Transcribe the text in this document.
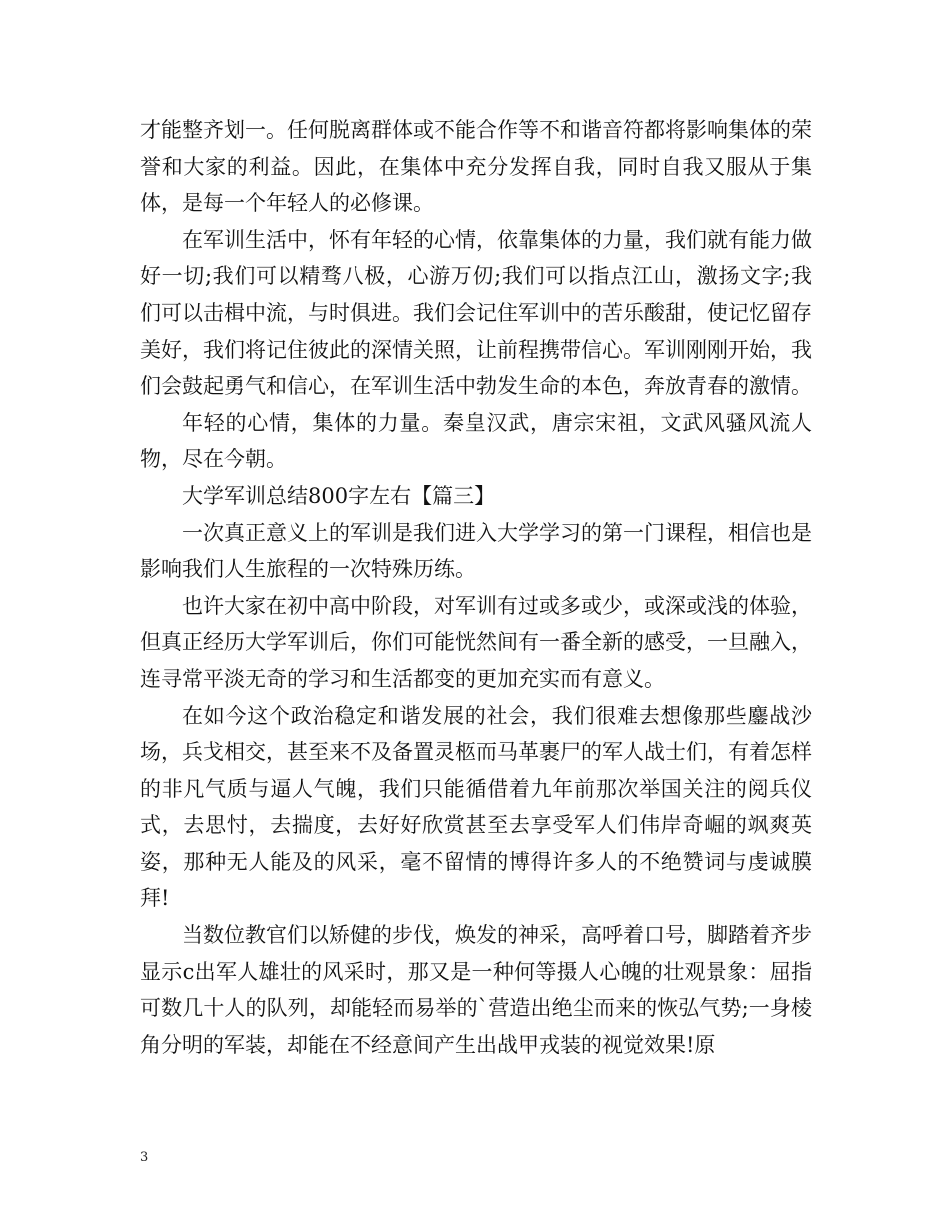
才能整齐划一。任何脱离群体或不能合作等不和谐音符都将影响集体的荣誉和大家的利益。因此，在集体中充分发挥自我，同时自我又服从于集体，是每一个年轻人的必修课。

在军训生活中，怀有年轻的心情，依靠集体的力量，我们就有能力做好一切;我们可以精骛八极，心游万仞;我们可以指点江山，激扬文字;我们可以击楫中流，与时俱进。我们会记住军训中的苦乐酸甜，使记忆留存美好，我们将记住彼此的深情关照，让前程携带信心。军训刚刚开始，我们会鼓起勇气和信心，在军训生活中勃发生命的本色，奔放青春的激情。

年轻的心情，集体的力量。秦皇汉武，唐宗宋祖，文武风骚风流人物，尽在今朝。

大学军训总结800字左右【篇三】

一次真正意义上的军训是我们进入大学学习的第一门课程，相信也是影响我们人生旅程的一次特殊历练。

也许大家在初中高中阶段，对军训有过或多或少，或深或浅的体验，但真正经历大学军训后，你们可能恍然间有一番全新的感受，一旦融入，连寻常平淡无奇的学习和生活都变的更加充实而有意义。

在如今这个政治稳定和谐发展的社会，我们很难去想像那些鏖战沙场，兵戈相交，甚至来不及备置灵柩而马革裹尸的军人战士们，有着怎样的非凡气质与逼人气魄，我们只能循借着九年前那次举国关注的阅兵仪式，去思忖，去揣度，去好好欣赏甚至去享受军人们伟岸奇崛的飒爽英姿，那种无人能及的风采，毫不留情的博得许多人的不绝赞词与虔诚膜拜!

当数位教官们以矫健的步伐，焕发的神采，高呼着口号，脚踏着齐步显示c出军人雄壮的风采时，那又是一种何等摄人心魄的壮观景象：屈指可数几十人的队列，却能轻而易举的`营造出绝尘而来的恢弘气势;一身棱角分明的军装，却能在不经意间产生出战甲戎装的视觉效果!原

3
